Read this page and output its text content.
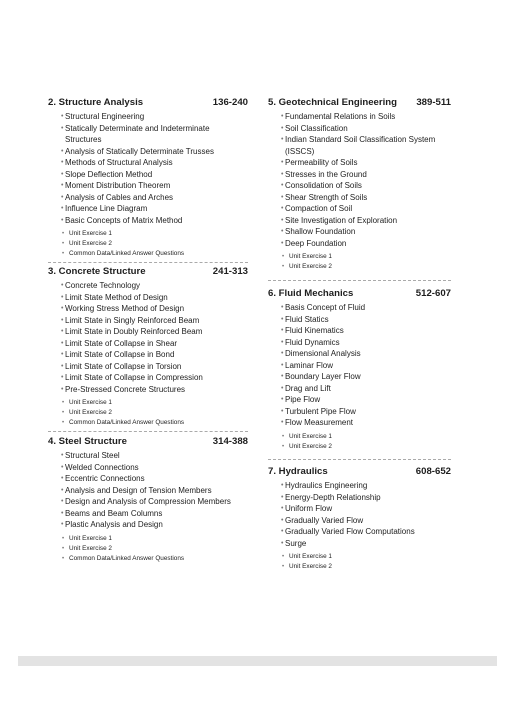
2. Structure Analysis	136-240
• Structural Engineering
• Statically Determinate and Indeterminate Structures
• Analysis of Statically Determinate Trusses
• Methods of Structural Analysis
• Slope Deflection Method
• Moment Distribution Theorem
• Analysis of Cables and Arches
• Influence Line Diagram
• Basic Concepts of Matrix Method
• Unit Exercise 1
• Unit Exercise 2
• Common Data/Linked Answer Questions
3. Concrete Structure	241-313
• Concrete Technology
• Limit State Method of Design
• Working Stress Method of Design
• Limit State in Singly Reinforced Beam
• Limit State in Doubly Reinforced Beam
• Limit State of Collapse in Shear
• Limit State of Collapse in Bond
• Limit State of Collapse in Torsion
• Limit State of Collapse in Compression
• Pre-Stressed Concrete Structures
• Unit Exercise 1
• Unit Exercise 2
• Common Data/Linked Answer Questions
4. Steel Structure	314-388
• Structural Steel
• Welded Connections
• Eccentric Connections
• Analysis and Design of Tension Members
• Design and Analysis of Compression Members
• Beams and Beam Columns
• Plastic Analysis and Design
• Unit Exercise 1
• Unit Exercise 2
• Common Data/Linked Answer Questions
5. Geotechnical Engineering 389-511
• Fundamental Relations in Soils
• Soil Classification
• Indian Standard Soil Classification System (ISSCS)
• Permeability of Soils
• Stresses in the Ground
• Consolidation of Soils
• Shear Strength of Soils
• Compaction of Soil
• Site Investigation of Exploration
• Shallow Foundation
• Deep Foundation
• Unit Exercise 1
• Unit Exercise 2
6. Fluid Mechanics	512-607
• Basis Concept of Fluid
• Fluid Statics
• Fluid Kinematics
• Fluid Dynamics
• Dimensional Analysis
• Laminar Flow
• Boundary Layer Flow
• Drag and Lift
• Pipe Flow
• Turbulent Pipe Flow
• Flow Measurement
• Unit Exercise 1
• Unit Exercise 2
7. Hydraulics	608-652
• Hydraulics Engineering
• Energy-Depth Relationship
• Uniform Flow
• Gradually Varied Flow
• Gradually Varied Flow Computations
• Surge
• Unit Exercise 1
• Unit Exercise 2
